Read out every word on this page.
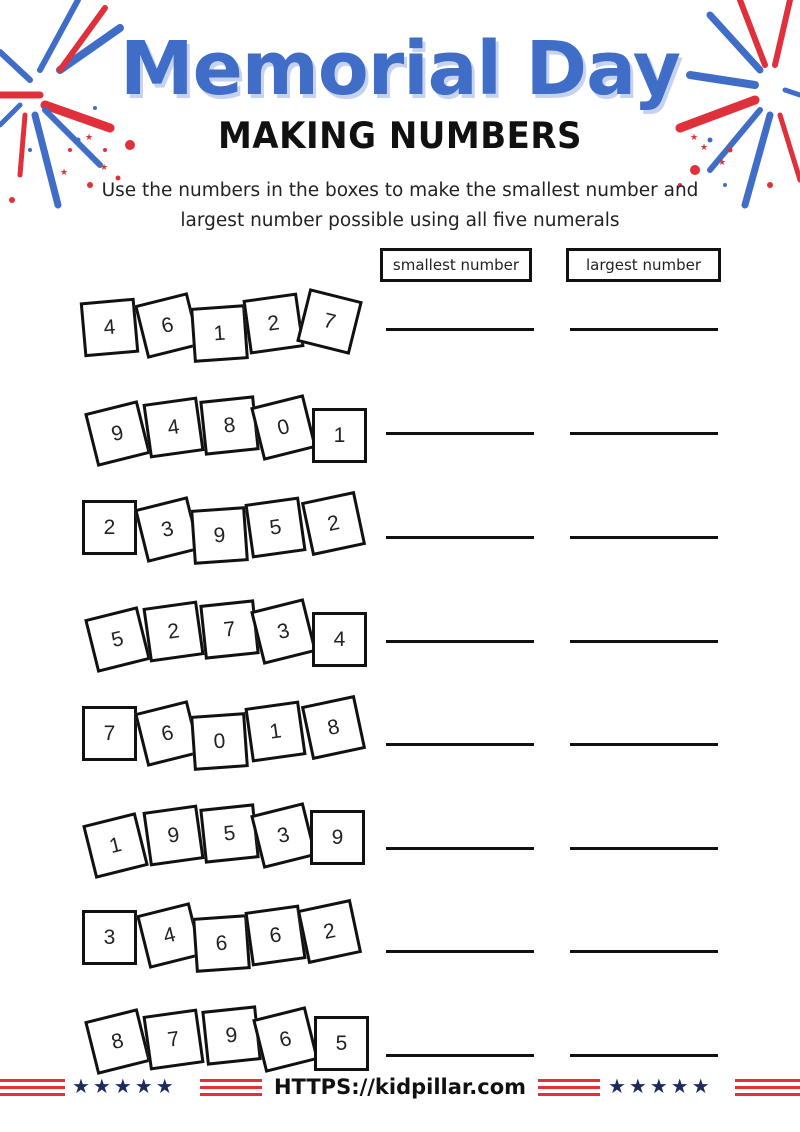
★
★
★
★
★
★
Memorial Day
MAKING NUMBERS
Use the numbers in the boxes to make the smallest number and
largest number possible using all five numerals
smallest number	largest number
4	6	1	2	7
9	4	8	0	1
2	3	9	5	2
5	2	7	3	4
7	6	0	1	8
1	9	5	3	9
3	4	6	6	2
8	7	9	6	5
★★★★★	★★★★★
HTTPS://kidpillar.com
